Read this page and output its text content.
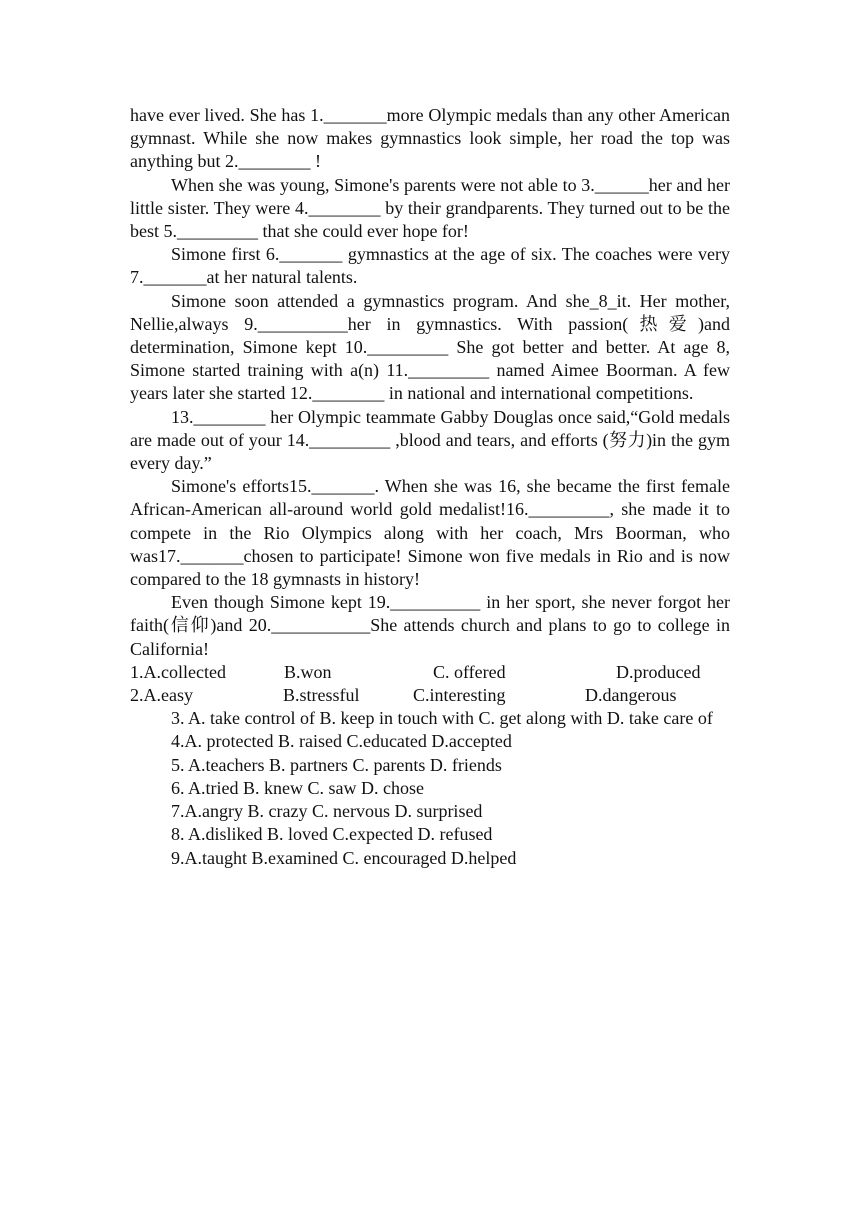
have ever lived. She has 1._______more Olympic medals than any other American gymnast. While she now makes gymnastics look simple, her road the top was anything but 2.________ !

When she was young, Simone's parents were not able to 3.______her and her little sister. They were 4.________ by their grandparents. They turned out to be the best 5._________ that she could ever hope for!

Simone first 6._______ gymnastics at the age of six. The coaches were very 7._______at her natural talents.

Simone soon attended a gymnastics program. And she_8_it. Her mother, Nellie,always 9.__________her in gymnastics. With passion(热爱)and determination, Simone kept 10._________ She got better and better. At age 8, Simone started training with a(n) 11._________ named Aimee Boorman. A few years later she started 12.________ in national and international competitions.

13.________ her Olympic teammate Gabby Douglas once said,“Gold medals are made out of your 14._________ ,blood and tears, and efforts (努力)in the gym every day.”

Simone's efforts15._______. When she was 16, she became the first female African-American all-around world gold medalist!16._________, she made it to compete in the Rio Olympics along with her coach, Mrs Boorman, who was17._______chosen to participate! Simone won five medals in Rio and is now compared to the 18 gymnasts in history!

Even though Simone kept 19.__________ in her sport, she never forgot her faith(信仰)and 20.___________She attends church and plans to go to college in California!

1.A.collected	B.won	C. offered	D.produced
2.A.easy	B.stressful	C.interesting	D.dangerous

3. A. take control of B. keep in touch with C. get along with D. take care of

4.A. protected B. raised C.educated D.accepted

5. A.teachers B. partners C. parents D. friends

6. A.tried B. knew C. saw D. chose

7.A.angry B. crazy C. nervous D. surprised

8. A.disliked B. loved C.expected D. refused

9.A.taught B.examined C. encouraged D.helped
